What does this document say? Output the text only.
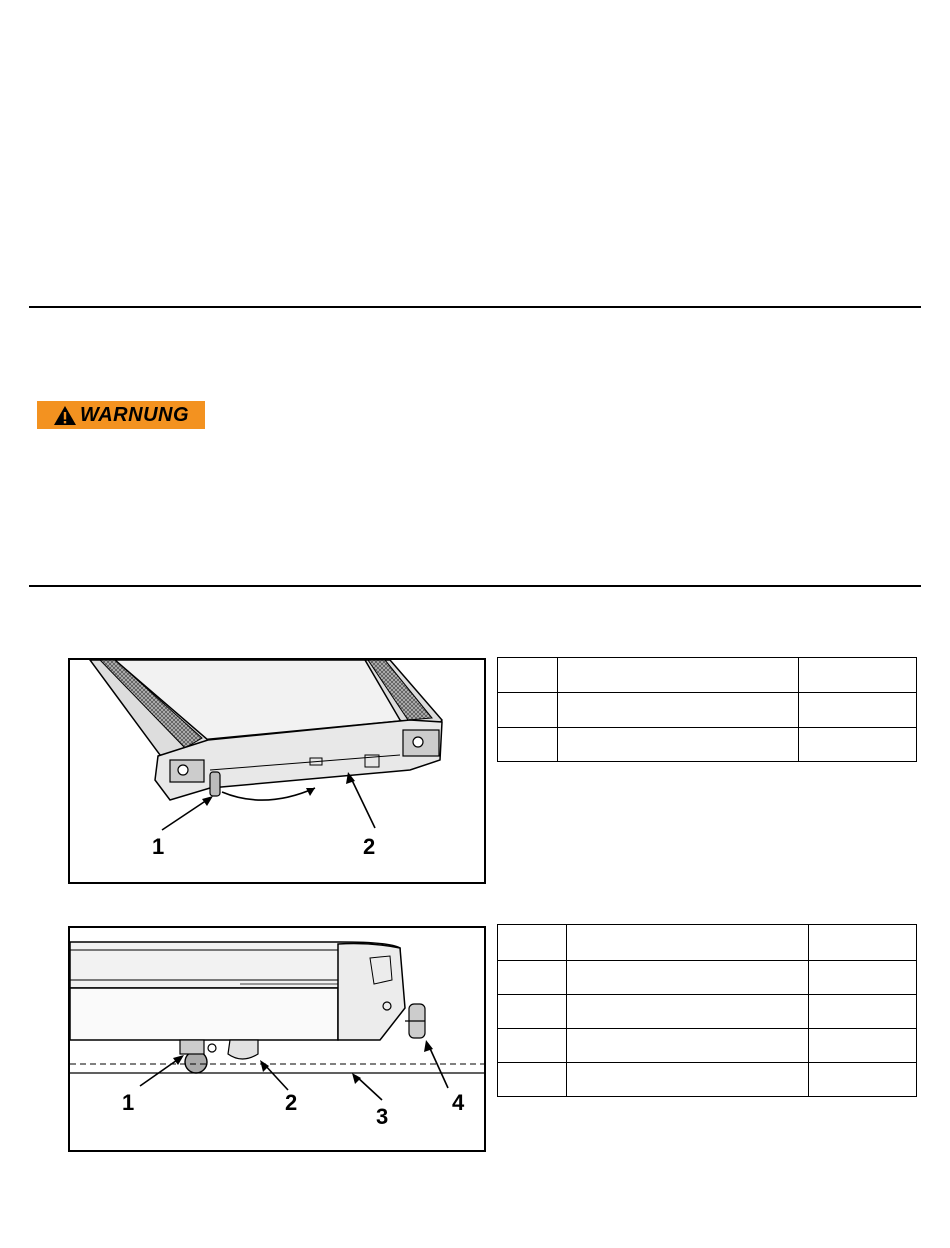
WARNUNG
1	2

1	2
3
4
